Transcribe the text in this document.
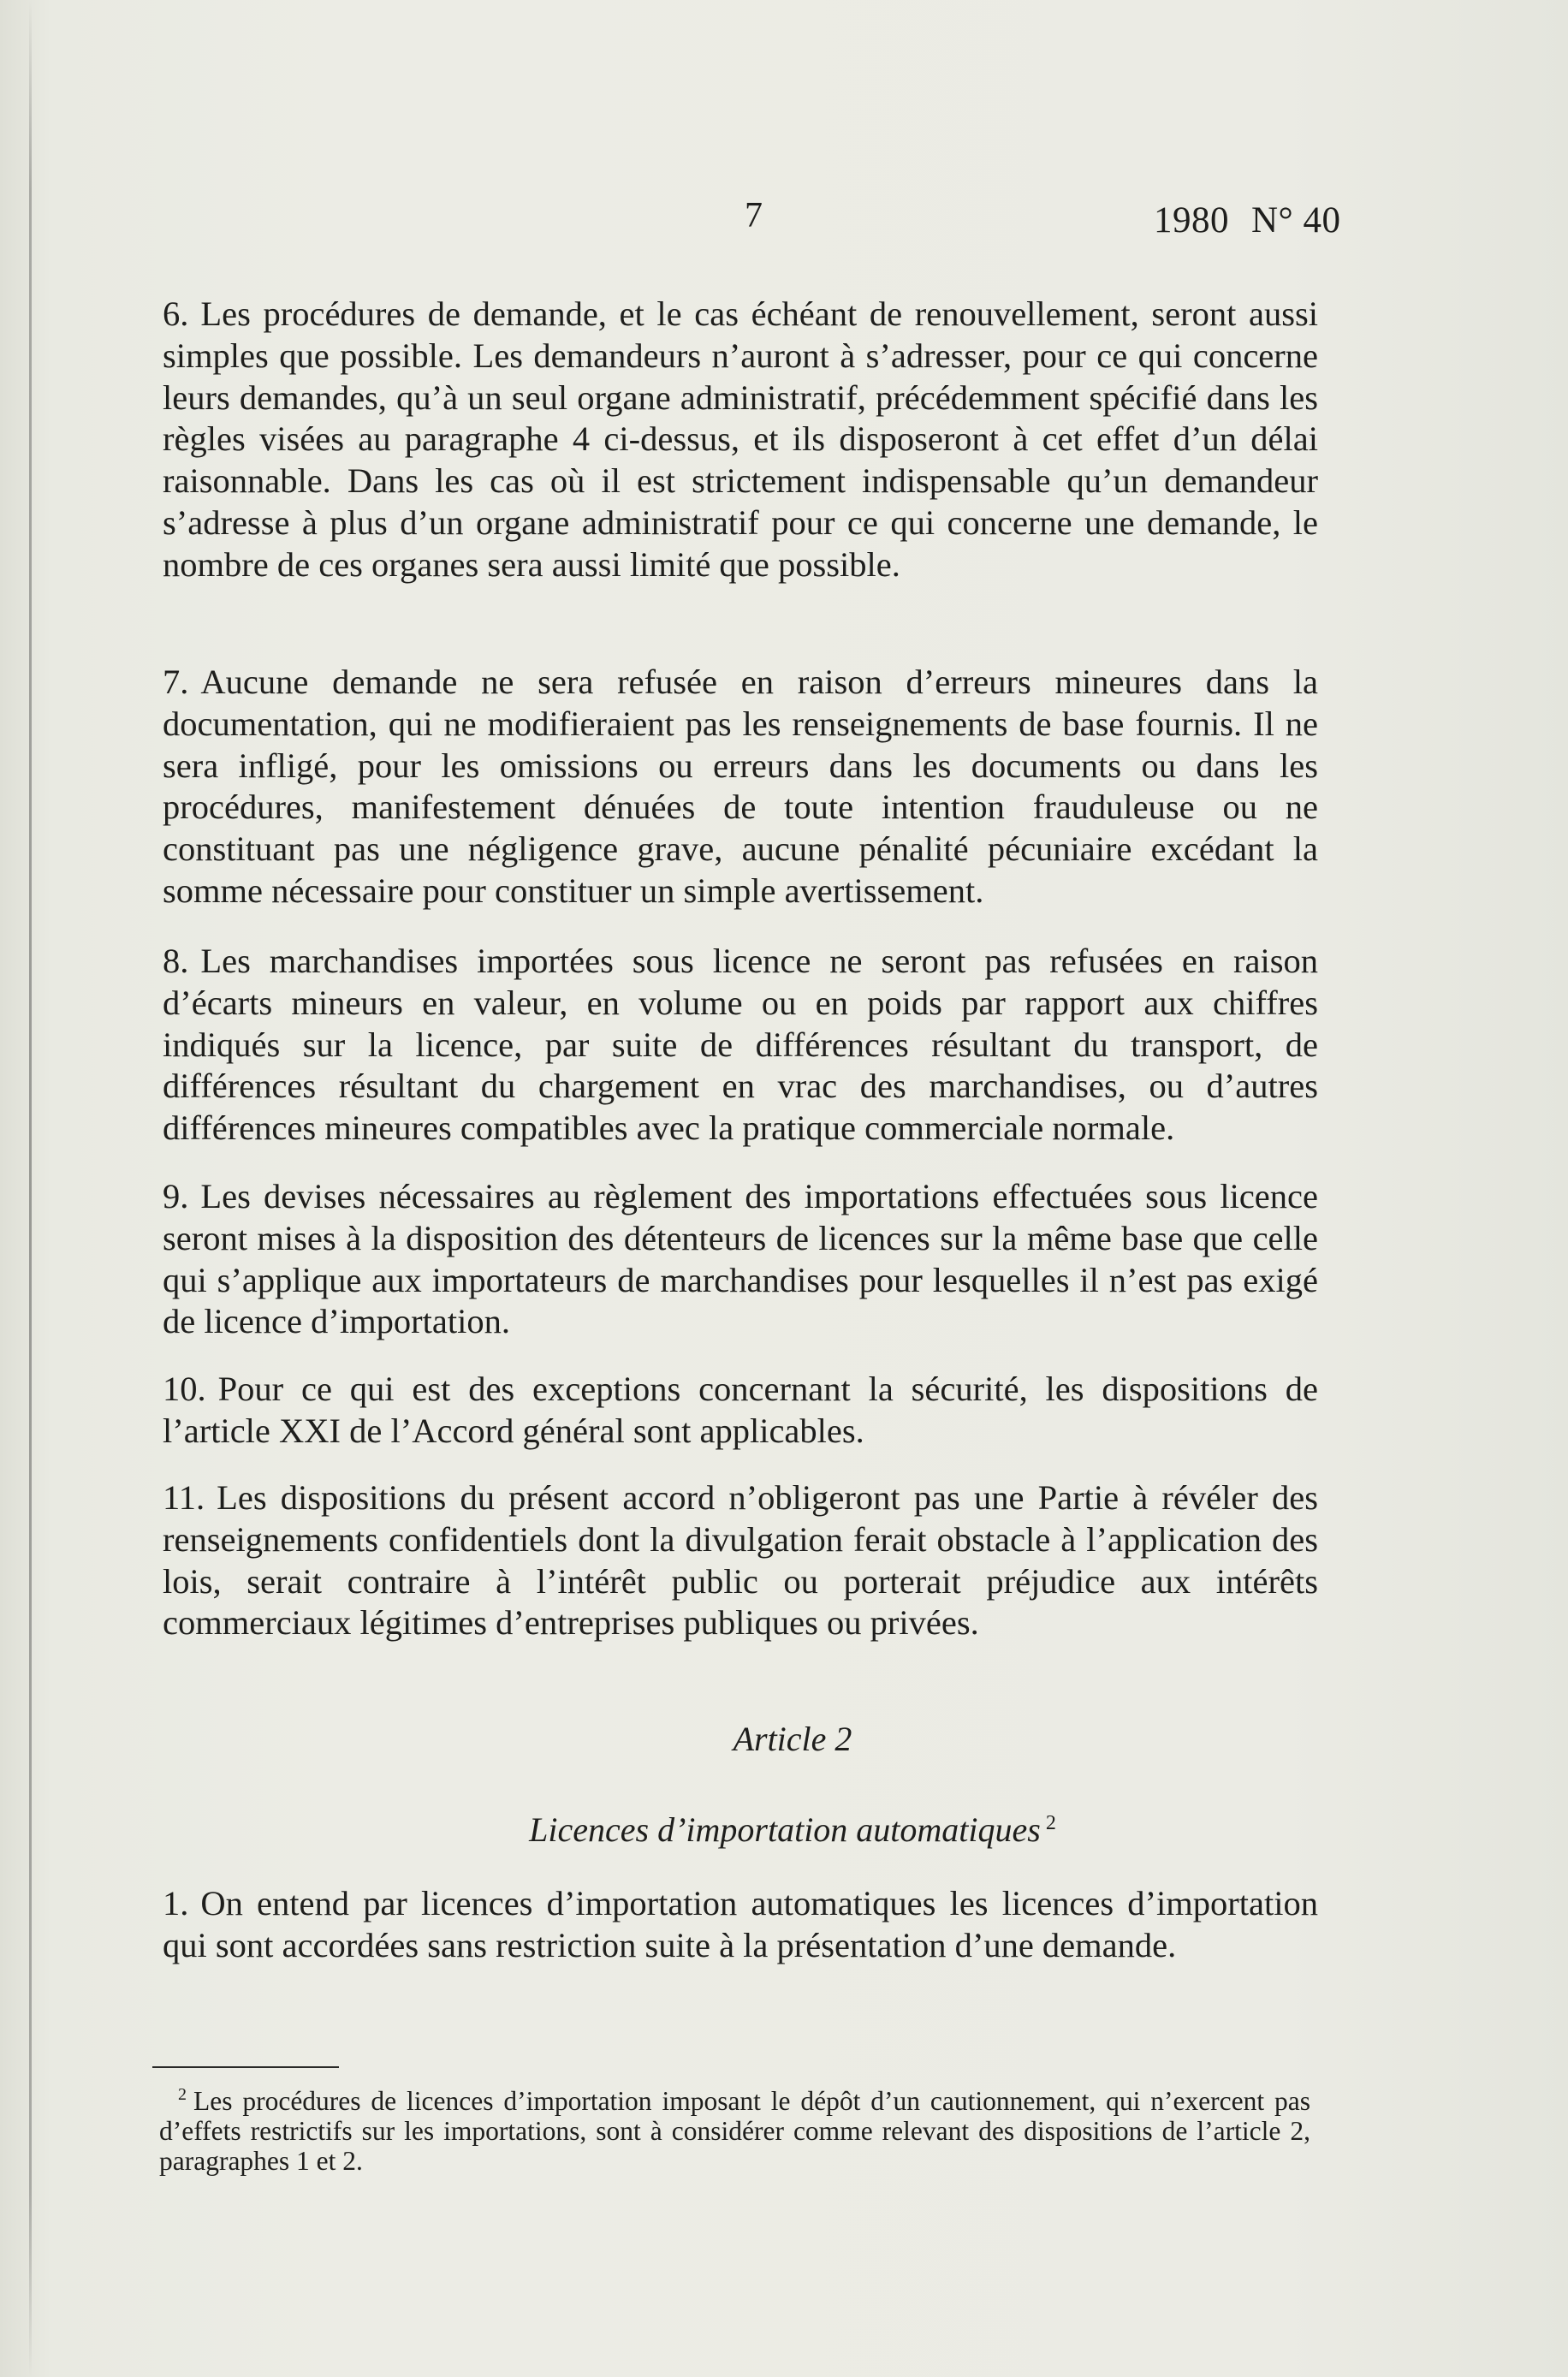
7	1980 N° 40

6. Les procédures de demande, et le cas échéant de renouvellement, seront aussi simples que possible. Les demandeurs n’auront à s’adresser, pour ce qui concerne leurs demandes, qu’à un seul organe administratif, précédemment spécifié dans les règles visées au paragraphe 4 ci-dessus, et ils disposeront à cet effet d’un délai raisonnable. Dans les cas où il est strictement indispensable qu’un demandeur s’adresse à plus d’un organe administratif pour ce qui concerne une demande, le nombre de ces organes sera aussi limité que possible.

7. Aucune demande ne sera refusée en raison d’erreurs mineures dans la documentation, qui ne modifieraient pas les renseignements de base fournis. Il ne sera infligé, pour les omissions ou erreurs dans les documents ou dans les procédures, manifestement dénuées de toute intention frauduleuse ou ne constituant pas une négligence grave, aucune pénalité pécuniaire excédant la somme nécessaire pour constituer un simple avertissement.

8. Les marchandises importées sous licence ne seront pas refusées en raison d’écarts mineurs en valeur, en volume ou en poids par rapport aux chiffres indiqués sur la licence, par suite de différences résultant du transport, de différences résultant du chargement en vrac des marchandises, ou d’autres différences mineures compatibles avec la pratique commerciale normale.

9. Les devises nécessaires au règlement des importations effectuées sous licence seront mises à la disposition des détenteurs de licences sur la même base que celle qui s’applique aux importateurs de marchandises pour lesquelles il n’est pas exigé de licence d’importation.

10. Pour ce qui est des exceptions concernant la sécurité, les dispositions de l’article XXI de l’Accord général sont applicables.

11. Les dispositions du présent accord n’obligeront pas une Partie à révéler des renseignements confidentiels dont la divulgation ferait obstacle à l’application des lois, serait contraire à l’intérêt public ou porterait préjudice aux intérêts commerciaux légitimes d’entreprises publiques ou privées.

Article 2
Licences d’importation automatiques $^2$

1. On entend par licences d’importation automatiques les licences d’importation qui sont accordées sans restriction suite à la présentation d’une demande.

$^2$ Les procédures de licences d’importation imposant le dépôt d’un cautionnement, qui n’exercent pas d’effets restrictifs sur les importations, sont à considérer comme relevant des dispositions de l’article 2, paragraphes 1 et 2.
